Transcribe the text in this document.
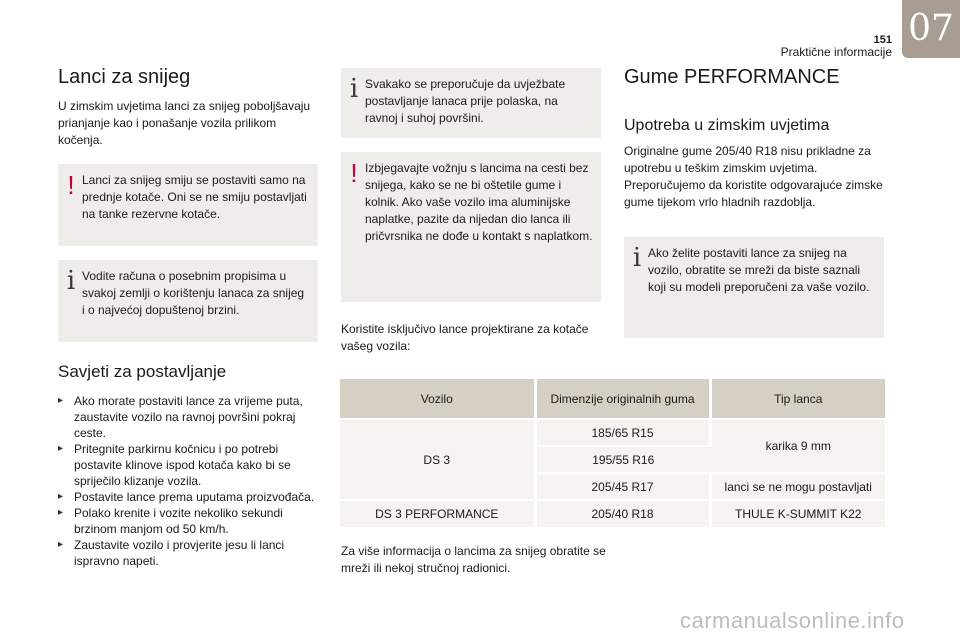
151
Praktične informacije
07
Lanci za snijeg

U zimskim uvjetima lanci za snijeg poboljšavaju prianjanje kao i ponašanje vozila prilikom kočenja.

! Lanci za snijeg smiju se postaviti samo na prednje kotače. Oni se ne smiju postavljati na tanke rezervne kotače.

i Vodite računa o posebnim propisima u svakoj zemlji o korištenju lanaca za snijeg i o najvećoj dopuštenoj brzini.

Savjeti za postavljanje
▸ Ako morate postaviti lance za vrijeme puta, zaustavite vozilo na ravnoj površini pokraj ceste.
▸ Pritegnite parkirnu kočnicu i po potrebi postavite klinove ispod kotača kako bi se spriječilo klizanje vozila.
▸ Postavite lance prema uputama proizvođača.
▸ Polako krenite i vozite nekoliko sekundi brzinom manjom od 50 km/h.
▸ Zaustavite vozilo i provjerite jesu li lanci ispravno napeti.
i Svakako se preporučuje da uvježbate postavljanje lanaca prije polaska, na ravnoj i suhoj površini.

! Izbjegavajte vožnju s lancima na cesti bez snijega, kako se ne bi oštetile gume i kolnik. Ako vaše vozilo ima aluminijske naplatke, pazite da nijedan dio lanca ili pričvrsnika ne dođe u kontakt s naplatkom.

Koristite isključivo lance projektirane za kotače vašeg vozila:

Vozilo	Dimenzije originalnih guma	Tip lanca
DS 3	185/65 R15	karika 9 mm
	195/55 R16	
	205/45 R17	lanci se ne mogu postavljati
DS 3 PERFORMANCE	205/40 R18	THULE K-SUMMIT K22

Za više informacija o lancima za snijeg obratite se mreži ili nekoj stručnoj radionici.

Gume PERFORMANCE
Upotreba u zimskim uvjetima

Originalne gume 205/40 R18 nisu prikladne za upotrebu u teškim zimskim uvjetima. Preporučujemo da koristite odgovarajuće zimske gume tijekom vrlo hladnih razdoblja.

i Ako želite postaviti lance za snijeg na vozilo, obratite se mreži da biste saznali koji su modeli preporučeni za vaše vozilo.

carmanualsonline.info
